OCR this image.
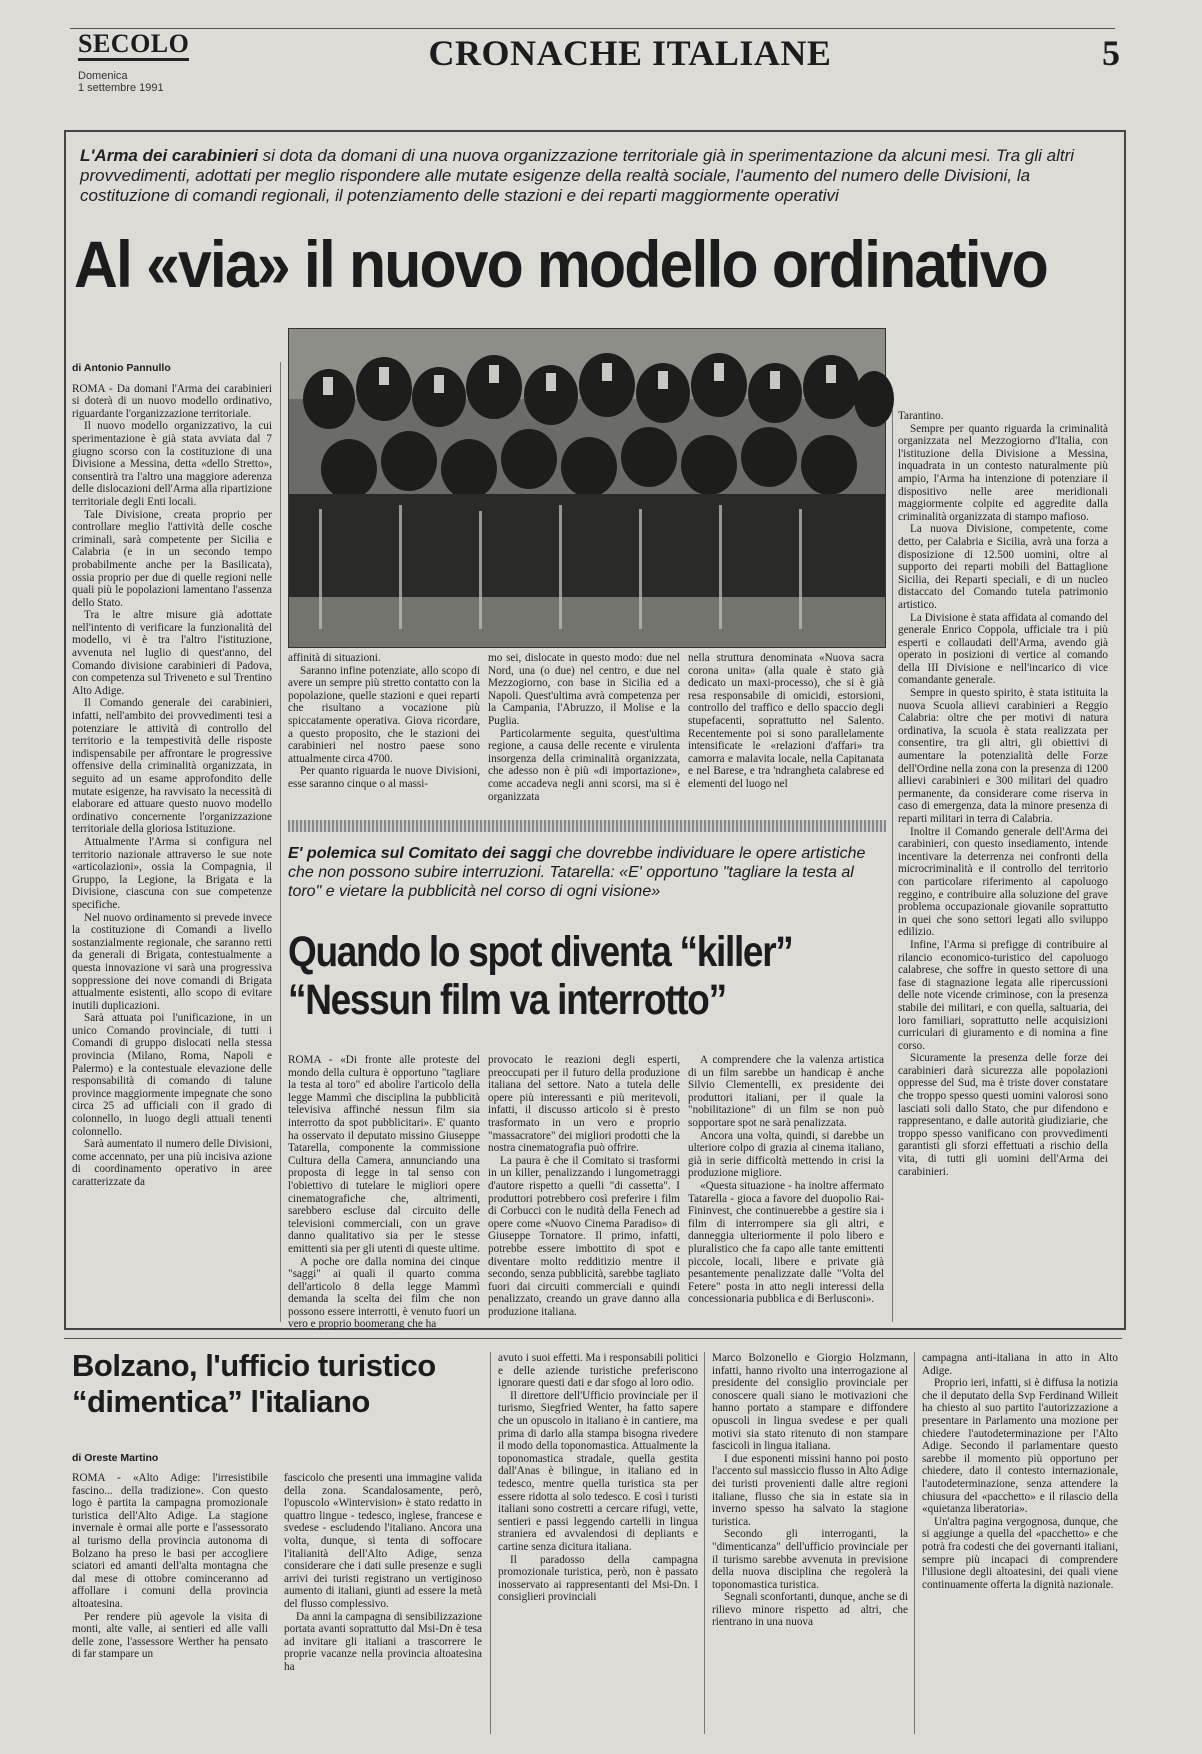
SECOLO
Domenica
1 settembre 1991
CRONACHE ITALIANE	5
L'Arma dei carabinieri si dota da domani di una nuova organizzazione territoriale già in sperimentazione da alcuni mesi. Tra gli altri provvedimenti, adottati per meglio rispondere alle mutate esigenze della realtà sociale, l'aumento del numero delle Divisioni, la costituzione di comandi regionali, il potenziamento delle stazioni e dei reparti maggiormente operativi
Al «via» il nuovo modello ordinativo
di Antonio Pannullo

ROMA - Da domani l'Arma dei carabinieri si doterà di un nuovo modello ordinativo, riguardante l'organizzazione territoriale.

Il nuovo modello organizzativo, la cui sperimentazione è già stata avviata dal 7 giugno scorso con la costituzione di una Divisione a Messina, detta «dello Stretto», consentirà tra l'altro una maggiore aderenza delle dislocazioni dell'Arma alla ripartizione territoriale degli Enti locali.

Tale Divisione, creata proprio per controllare meglio l'attività delle cosche criminali, sarà competente per Sicilia e Calabria (e in un secondo tempo probabilmente anche per la Basilicata), ossia proprio per due di quelle regioni nelle quali più le popolazioni lamentano l'assenza dello Stato.

Tra le altre misure già adottate nell'intento di verificare la funzionalità del modello, vi è tra l'altro l'istituzione, avvenuta nel luglio di quest'anno, del Comando divisione carabinieri di Padova, con competenza sul Triveneto e sul Trentino Alto Adige.

Il Comando generale dei carabinieri, infatti, nell'ambito dei provvedimenti tesi a potenziare le attività di controllo del territorio e la tempestività delle risposte indispensabile per affrontare le progressive offensive della criminalità organizzata, in seguito ad un esame approfondito delle mutate esigenze, ha ravvisato la necessità di elaborare ed attuare questo nuovo modello ordinativo concernente l'organizzazione territoriale della gloriosa Istituzione.

Attualmente l'Arma si configura nel territorio nazionale attraverso le sue note «articolazioni», ossia la Compagnia, il Gruppo, la Legione, la Brigata e la Divisione, ciascuna con sue competenze specifiche.

Nel nuovo ordinamento si prevede invece la costituzione di Comandi a livello sostanzialmente regionale, che saranno retti da generali di Brigata, contestualmente a questa innovazione vi sarà una progressiva soppressione dei nove comandi di Brigata attualmente esistenti, allo scopo di evitare inutili duplicazioni.

Sarà attuata poi l'unificazione, in un unico Comando provinciale, di tutti i Comandi di gruppo dislocati nella stessa provincia (Milano, Roma, Napoli e Palermo) e la contestuale elevazione delle responsabilità di comando di talune province maggiormente impegnate che sono circa 25 ad ufficiali con il grado di colonnello, in luogo degli attuali tenenti colonnello.

Sarà aumentato il numero delle Divisioni, come accennato, per una più incisiva azione di coordinamento operativo in aree caratterizzate da

affinità di situazioni.

Saranno infine potenziate, allo scopo di avere un sempre più stretto contatto con la popolazione, quelle stazioni e quei reparti che risultano a vocazione più spiccatamente operativa. Giova ricordare, a questo proposito, che le stazioni dei carabinieri nel nostro paese sono attualmente circa 4700.

Per quanto riguarda le nuove Divisioni, esse saranno cinque o al massi-

mo sei, dislocate in questo modo: due nel Nord, una (o due) nel centro, e due nel Mezzogiorno, con base in Sicilia ed a Napoli. Quest'ultima avrà competenza per la Campania, l'Abruzzo, il Molise e la Puglia.

Particolarmente seguita, quest'ultima regione, a causa delle recente e virulenta insorgenza della criminalità organizzata, che adesso non è più «di importazione», come accadeva negli anni scorsi, ma si è organizzata

nella struttura denominata «Nuova sacra corona unita» (alla quale è stato già dedicato un maxi-processo), che si è già resa responsabile di omicidi, estorsioni, controllo del traffico e dello spaccio degli stupefacenti, soprattutto nel Salento. Recentemente poi si sono parallelamente intensificate le «relazioni d'affari» tra camorra e malavita locale, nella Capitanata e nel Barese, e tra 'ndrangheta calabrese ed elementi del luogo nel

Tarantino.

Sempre per quanto riguarda la criminalità organizzata nel Mezzogiorno d'Italia, con l'istituzione della Divisione a Messina, inquadrata in un contesto naturalmente più ampio, l'Arma ha intenzione di potenziare il dispositivo nelle aree meridionali maggiormente colpite ed aggredite dalla criminalità organizzata di stampo mafioso.

La nuova Divisione, competente, come detto, per Calabria e Sicilia, avrà una forza a disposizione di 12.500 uomini, oltre al supporto dei reparti mobili del Battaglione Sicilia, dei Reparti speciali, e di un nucleo distaccato del Comando tutela patrimonio artistico.

La Divisione è stata affidata al comando del generale Enrico Coppola, ufficiale tra i più esperti e collaudati dell'Arma, avendo già operato in posizioni di vertice al comando della III Divisione e nell'incarico di vice comandante generale.

Sempre in questo spirito, è stata istituita la nuova Scuola allievi carabinieri a Reggio Calabria: oltre che per motivi di natura ordinativa, la scuola è stata realizzata per consentire, tra gli altri, gli obiettivi di aumentare la potenzialità delle Forze dell'Ordine nella zona con la presenza di 1200 allievi carabinieri e 300 militari del quadro permanente, da considerare come riserva in caso di emergenza, data la minore presenza di reparti militari in terra di Calabria.

Inoltre il Comando generale dell'Arma dei carabinieri, con questo insediamento, intende incentivare la deterrenza nei confronti della microcriminalità e il controllo del territorio con particolare riferimento al capoluogo reggino, e contribuire alla soluzione del grave problema occupazionale giovanile soprattutto in quei che sono settori legati allo sviluppo edilizio.

Infine, l'Arma si prefigge di contribuire al rilancio economico-turistico del capoluogo calabrese, che soffre in questo settore di una fase di stagnazione legata alle ripercussioni delle note vicende criminose, con la presenza stabile dei militari, e con quella, saltuaria, dei loro familiari, soprattutto nelle acquisizioni curriculari di giuramento e di nomina a fine corso.

Sicuramente la presenza delle forze dei carabinieri darà sicurezza alle popolazioni oppresse del Sud, ma è triste dover constatare che troppo spesso questi uomini valorosi sono lasciati soli dallo Stato, che pur difendono e rappresentano, e dalle autorità giudiziarie, che troppo spesso vanificano con provvedimenti garantisti gli sforzi effettuati a rischio della vita, di tutti gli uomini dell'Arma dei carabinieri.

E' polemica sul Comitato dei saggi che dovrebbe individuare le opere artistiche che non possono subire interruzioni. Tatarella: «E' opportuno "tagliare la testa al toro" e vietare la pubblicità nel corso di ogni visione»
Quando lo spot diventa “killer”
“Nessun film va interrotto”

ROMA - «Di fronte alle proteste del mondo della cultura è opportuno "tagliare la testa al toro" ed abolire l'articolo della legge Mammì che disciplina la pubblicità televisiva affinché nessun film sia interrotto da spot pubblicitari». E' quanto ha osservato il deputato missino Giuseppe Tatarella, componente la commissione Cultura della Camera, annunciando una proposta di legge in tal senso con l'obiettivo di tutelare le migliori opere cinematografiche che, altrimenti, sarebbero escluse dal circuito delle televisioni commerciali, con un grave danno qualitativo sia per le stesse emittenti sia per gli utenti di queste ultime.

A poche ore dalla nomina dei cinque "saggi" ai quali il quarto comma dell'articolo 8 della legge Mammì demanda la scelta dei film che non possono essere interrotti, è venuto fuori un vero e proprio boomerang che ha

provocato le reazioni degli esperti, preoccupati per il futuro della produzione italiana del settore. Nato a tutela delle opere più interessanti e più meritevoli, infatti, il discusso articolo si è presto trasformato in un vero e proprio "massacratore" dei migliori prodotti che la nostra cinematografia può offrire.

La paura è che il Comitato si trasformi in un killer, penalizzando i lungometraggi d'autore rispetto a quelli "di cassetta". I produttori potrebbero così preferire i film di Corbucci con le nudità della Fenech ad opere come «Nuovo Cinema Paradiso» di Giuseppe Tornatore. Il primo, infatti, potrebbe essere imbottito di spot e diventare molto redditizio mentre il secondo, senza pubblicità, sarebbe tagliato fuori dai circuiti commerciali e quindi penalizzato, creando un grave danno alla produzione italiana.

A comprendere che la valenza artistica di un film sarebbe un handicap è anche Silvio Clementelli, ex presidente dei produttori italiani, per il quale la "nobilitazione" di un film se non può sopportare spot ne sarà penalizzata.

Ancora una volta, quindi, si darebbe un ulteriore colpo di grazia al cinema italiano, già in serie difficoltà mettendo in crisi la produzione migliore.

«Questa situazione - ha inoltre affermato Tatarella - gioca a favore del duopolio Rai-Fininvest, che continuerebbe a gestire sia i film di interrompere sia gli altri, e danneggia ulteriormente il polo libero e pluralistico che fa capo alle tante emittenti piccole, locali, libere e private già pesantemente penalizzate dalle "Volta del Fetere" posta in atto negli interessi della concessionaria pubblica e di Berlusconi».

Bolzano, l'ufficio turistico “dimentica” l'italiano
di Oreste Martino

ROMA - «Alto Adige: l'irresistibile fascino... della tradizione». Con questo logo è partita la campagna promozionale turistica dell'Alto Adige. La stagione invernale è ormai alle porte e l'assessorato al turismo della provincia autonoma di Bolzano ha preso le basi per accogliere sciatori ed amanti dell'alta montagna che dal mese di ottobre cominceranno ad affollare i comuni della provincia altoatesina.

Per rendere più agevole la visita di monti, alte valle, ai sentieri ed alle valli delle zone, l'assessore Werther ha pensato di far stampare un

fascicolo che presenti una immagine valida della zona. Scandalosamente, però, l'opuscolo «Wintervision» è stato redatto in quattro lingue - tedesco, inglese, francese e svedese - escludendo l'italiano. Ancora una volta, dunque, si tenta di soffocare l'italianità dell'Alto Adige, senza considerare che i dati sulle presenze e sugli arrivi dei turisti registrano un vertiginoso aumento di italiani, giunti ad essere la metà del flusso complessivo.

Da anni la campagna di sensibilizzazione portata avanti soprattutto dal Msi-Dn è tesa ad invitare gli italiani a trascorrere le proprie vacanze nella provincia altoatesina ha

avuto i suoi effetti. Ma i responsabili politici e delle aziende turistiche preferiscono ignorare questi dati e dar sfogo al loro odio.

Il direttore dell'Ufficio provinciale per il turismo, Siegfried Wenter, ha fatto sapere che un opuscolo in italiano è in cantiere, ma prima di darlo alla stampa bisogna rivedere il modo della toponomastica. Attualmente la toponomastica stradale, quella gestita dall'Anas è bilingue, in italiano ed in tedesco, mentre quella turistica sta per essere ridotta al solo tedesco. E così i turisti italiani sono costretti a cercare rifugi, vette, sentieri e passi leggendo cartelli in lingua straniera ed avvalendosi di depliants e cartine senza dicitura italiana.

Il paradosso della campagna promozionale turistica, però, non è passato inosservato ai rappresentanti del Msi-Dn. I consiglieri provinciali

Marco Bolzonello e Giorgio Holzmann, infatti, hanno rivolto una interrogazione al presidente del consiglio provinciale per conoscere quali siano le motivazioni che hanno portato a stampare e diffondere opuscoli in lingua svedese e per quali motivi sia stato ritenuto di non stampare fascicoli in lingua italiana.

I due esponenti missini hanno poi posto l'accento sul massiccio flusso in Alto Adige dei turisti provenienti dalle altre regioni italiane, flusso che sia in estate sia in inverno spesso ha salvato la stagione turistica.

Secondo gli interroganti, la "dimenticanza" dell'ufficio provinciale per il turismo sarebbe avvenuta in previsione della nuova disciplina che regolerà la toponomastica turistica.

Segnali sconfortanti, dunque, anche se di rilievo minore rispetto ad altri, che rientrano in una nuova

campagna anti-italiana in atto in Alto Adige.

Proprio ieri, infatti, si è diffusa la notizia che il deputato della Svp Ferdinand Willeit ha chiesto al suo partito l'autorizzazione a presentare in Parlamento una mozione per chiedere l'autodeterminazione per l'Alto Adige. Secondo il parlamentare questo sarebbe il momento più opportuno per chiedere, dato il contesto internazionale, l'autodeterminazione, senza attendere la chiusura del «pacchetto» e il rilascio della «quietanza liberatoria».

Un'altra pagina vergognosa, dunque, che si aggiunge a quella del «pacchetto» e che potrà fra codesti che dei governanti italiani, sempre più incapaci di comprendere l'illusione degli altoatesini, dei quali viene continuamente offerta la dignità nazionale.
